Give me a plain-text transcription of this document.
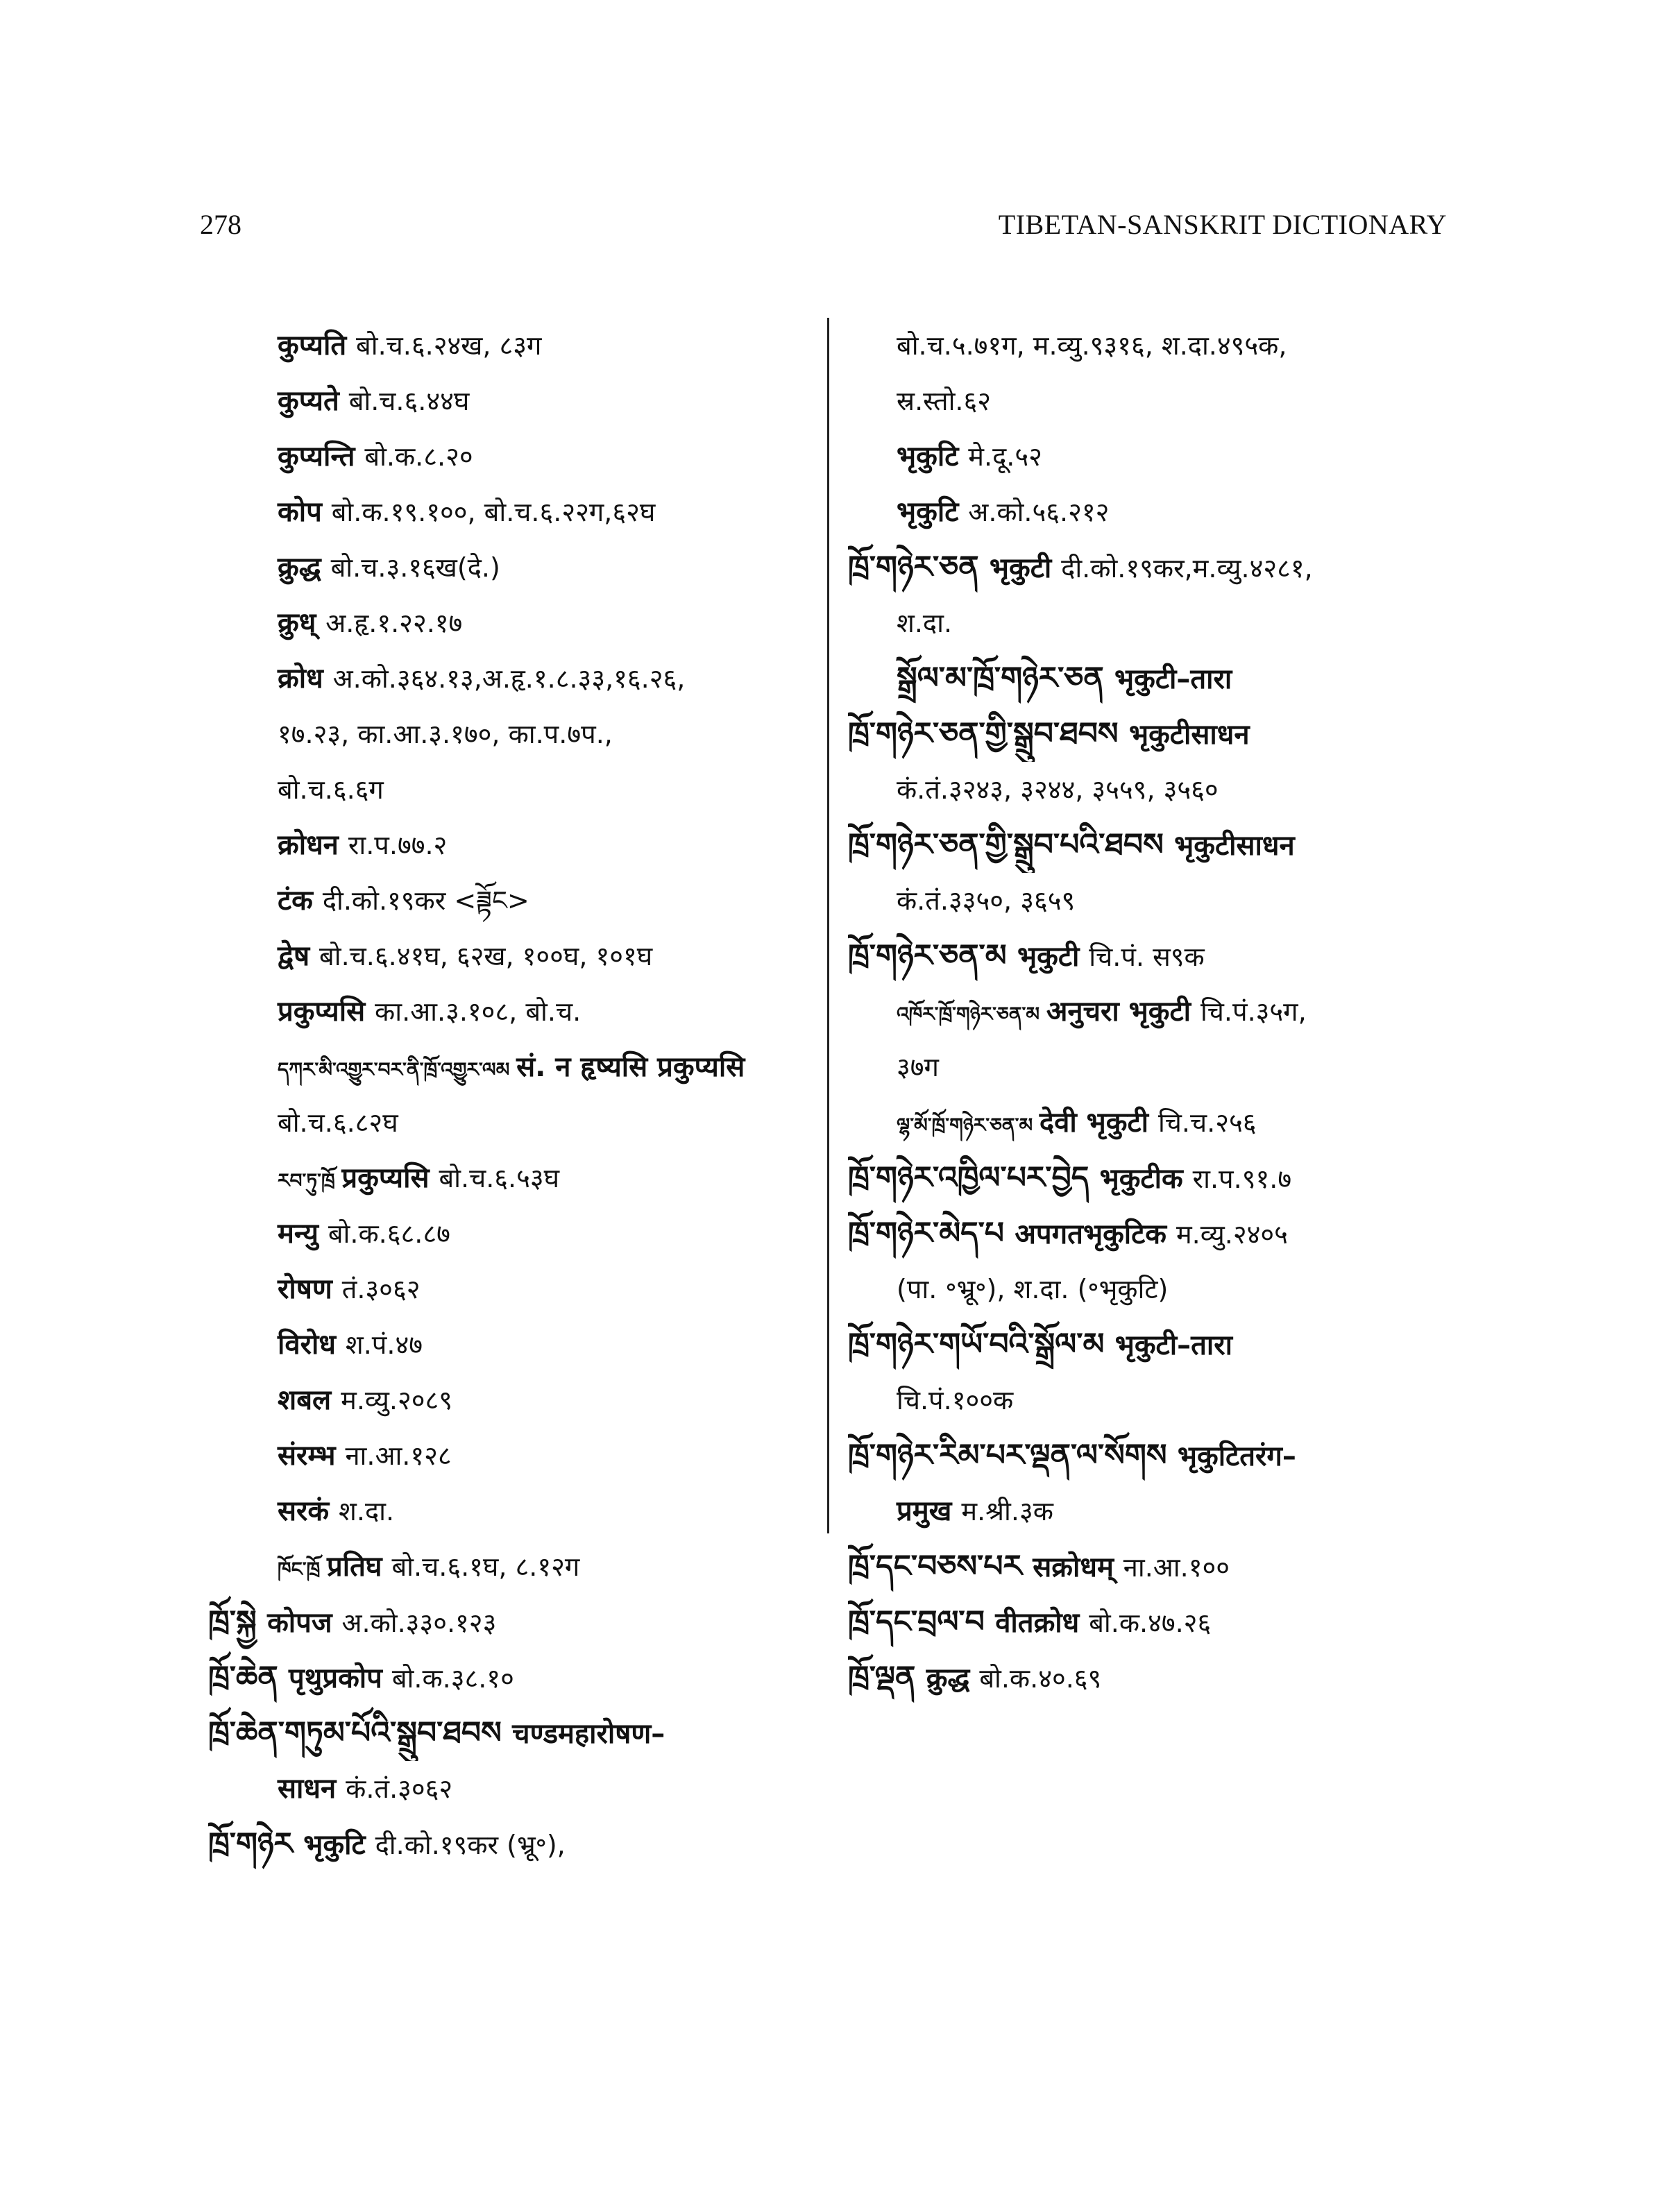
278	TIBETAN-SANSKRIT DICTIONARY
कुप्यति बो.च.६.२४ख, ८३ग
कुप्यते बो.च.६.४४घ
कुप्यन्ति बो.क.८.२०
कोप बो.क.१९.१००, बो.च.६.२२ग,६२घ
क्रुद्ध बो.च.३.१६ख(दे.)
क्रुध् अ.हृ.१.२२.१७
क्रोध अ.को.३६४.१३,अ.हृ.१.८.३३,१६.२६,
१७.२३, का.आ.३.१७०, का.प.७प.,
बो.च.६.६ग
क्रोधन रा.प.७७.२
टंक दी.को.१९कर <ཟྟོང>
द्वेष बो.च.६.४१घ, ६२ख, १००घ, १०१घ
प्रकुप्यसि का.आ.३.१०८, बो.च.
དཀར་མི་འགྱུར་བར་ནི་ཁྲོ་འགྱུར་ལམ सं. न हृष्यसि प्रकुप्यसि
बो.च.६.८२घ
རབ་ཏུ་ཁྲོ प्रकुप्यसि बो.च.६.५३घ
मन्यु बो.क.६८.८७
रोषण तं.३०६२
विरोध श.पं.४७
शबल म.व्यु.२०८९
संरम्भ ना.आ.१२८
सरकं श.दा.
ཁོང་ཁྲོ प्रतिघ बो.च.६.१घ, ८.१२ग
ཁྲོ་སྐྱེ कोपज अ.को.३३०.१२३
ཁྲོ་ཆེན पृथुप्रकोप बो.क.३८.१०
ཁྲོ་ཆེན་གཏུམ་པོའི་སྒྲུབ་ཐབས चण्डमहारोषण–
साधन कं.तं.३०६२
ཁྲོ་གཉེར भृकुटि दी.को.१९कर (भ्रू॰),
बो.च.५.७१ग, म.व्यु.९३१६, श.दा.४९५क,
स्र.स्तो.६२
भृकुटि मे.दू.५२
भृकुटि अ.को.५६.२१२
ཁྲོ་གཉེར་ཅན भृकुटी दी.को.१९कर,म.व्यु.४२८१,
श.दा.
སྒྲོལ་མ་ཁྲོ་གཉེར་ཅན भृकुटी–तारा
ཁྲོ་གཉེར་ཅན་གྱི་སྒྲུབ་ཐབས भृकुटीसाधन
कं.तं.३२४३, ३२४४, ३५५९, ३५६०
ཁྲོ་གཉེར་ཅན་གྱི་སྒྲུབ་པའི་ཐབས भृकुटीसाधन
कं.तं.३३५०, ३६५९
ཁྲོ་གཉེར་ཅན་མ भृकुटी चि.पं. स९क
འཁོར་ཁྲོ་གཉེར་ཅན་མ अनुचरा भृकुटी चि.पं.३५ग,
३७ग
ལྷ་མོ་ཁྲོ་གཉེར་ཅན་མ देवी भृकुटी चि.च.२५६
ཁྲོ་གཉེར་འཁྱིལ་པར་བྱེད भृकुटीक रा.प.९१.७
ཁྲོ་གཉེར་མེད་པ अपगतभृकुटिक म.व्यु.२४०५
(पा. ॰भ्रू॰), श.दा. (॰भृकुटि)
ཁྲོ་གཉེར་གཡོ་བའི་སྒྲོལ་མ भृकुटी–तारा
चि.पं.१००क
ཁྲོ་གཉེར་རིམ་པར་ལྡན་ལ་སོགས भृकुटितरंग–
प्रमुख म.श्री.३क
ཁྲོ་དང་བཅས་པར सक्रोधम् ना.आ.१००
ཁྲོ་དང་བྲལ་བ वीतक्रोध बो.क.४७.२६
ཁྲོ་ལྡན क्रुद्ध बो.क.४०.६९
